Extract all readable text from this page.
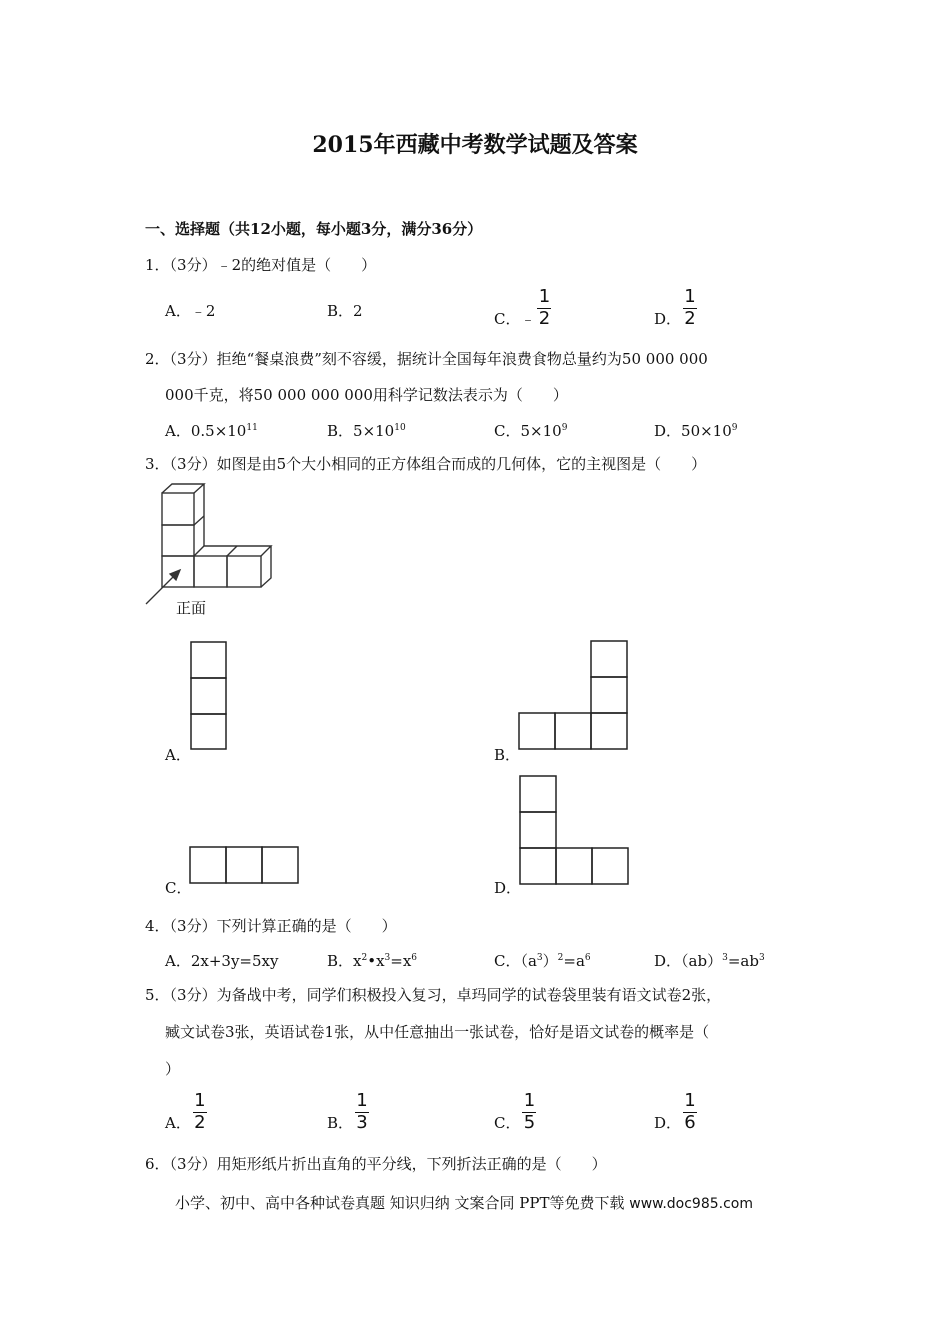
2015年西藏中考数学试题及答案
一、选择题（共12小题，每小题3分，满分36分）
1．（3分）﹣2的绝对值是（　　）
A．﹣2	B．2	C．﹣ $\frac{1}{2}$	D． $\frac{1}{2}$
2．（3分）拒绝“餐桌浪费”刻不容缓，据统计全国每年浪费食物总量约为50 000 000
000千克，将50 000 000 000用科学记数法表示为（　　）
A．$0.5\times 10^{11}$	B．$5\times 10^{10}$	C．$5\times 10^9$	D．$50\times 10^9$
3．（3分）如图是由5个大小相同的正方体组合而成的几何体，它的主视图是（　　）
正面
A．	B．
C．	D．
4．（3分）下列计算正确的是（　　）
A．2x+3y=5xy	B．$x^2•x^3=x^6$	C．$(a^3)^2=a^6$	D．$(ab)^3=ab^3$
5．（3分）为备战中考，同学们积极投入复习，卓玛同学的试卷袋里装有语文试卷2张，
臧文试卷3张，英语试卷1张，从中任意抽出一张试卷，恰好是语文试卷的概率是（
）
A． $\frac{1}{2}$	B． $\frac{1}{3}$	C． $\frac{1}{5}$	D． $\frac{1}{6}$
6．（3分）用矩形纸片折出直角的平分线，下列折法正确的是（　　）
小学、初中、高中各种试卷真题 知识归纳 文案合同 PPT等免费下载 www.doc985.com
